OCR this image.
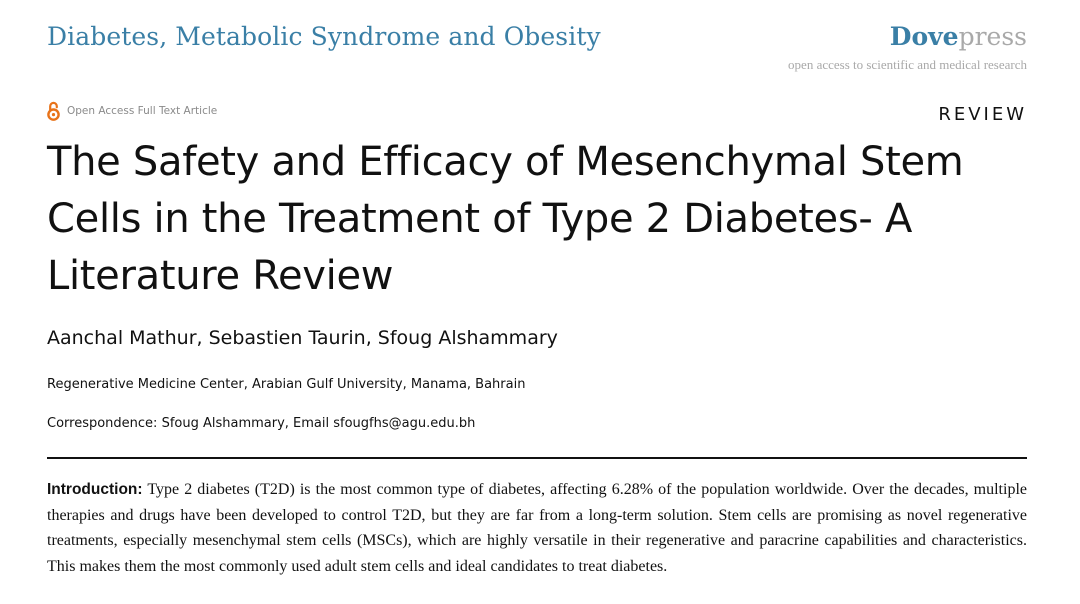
Diabetes, Metabolic Syndrome and Obesity	Dovepress
open access to scientific and medical research
Open Access Full Text Article	REVIEW
The Safety and Efficacy of Mesenchymal Stem Cells in the Treatment of Type 2 Diabetes- A Literature Review
Aanchal Mathur, Sebastien Taurin, Sfoug Alshammary
Regenerative Medicine Center, Arabian Gulf University, Manama, Bahrain
Correspondence: Sfoug Alshammary, Email sfougfhs@agu.edu.bh

Introduction: Type 2 diabetes (T2D) is the most common type of diabetes, affecting 6.28% of the population worldwide. Over the decades, multiple therapies and drugs have been developed to control T2D, but they are far from a long-term solution. Stem cells are promising as novel regenerative treatments, especially mesenchymal stem cells (MSCs), which are highly versatile in their regenerative and paracrine capabilities and characteristics. This makes them the most commonly used adult stem cells and ideal candidates to treat diabetes.
